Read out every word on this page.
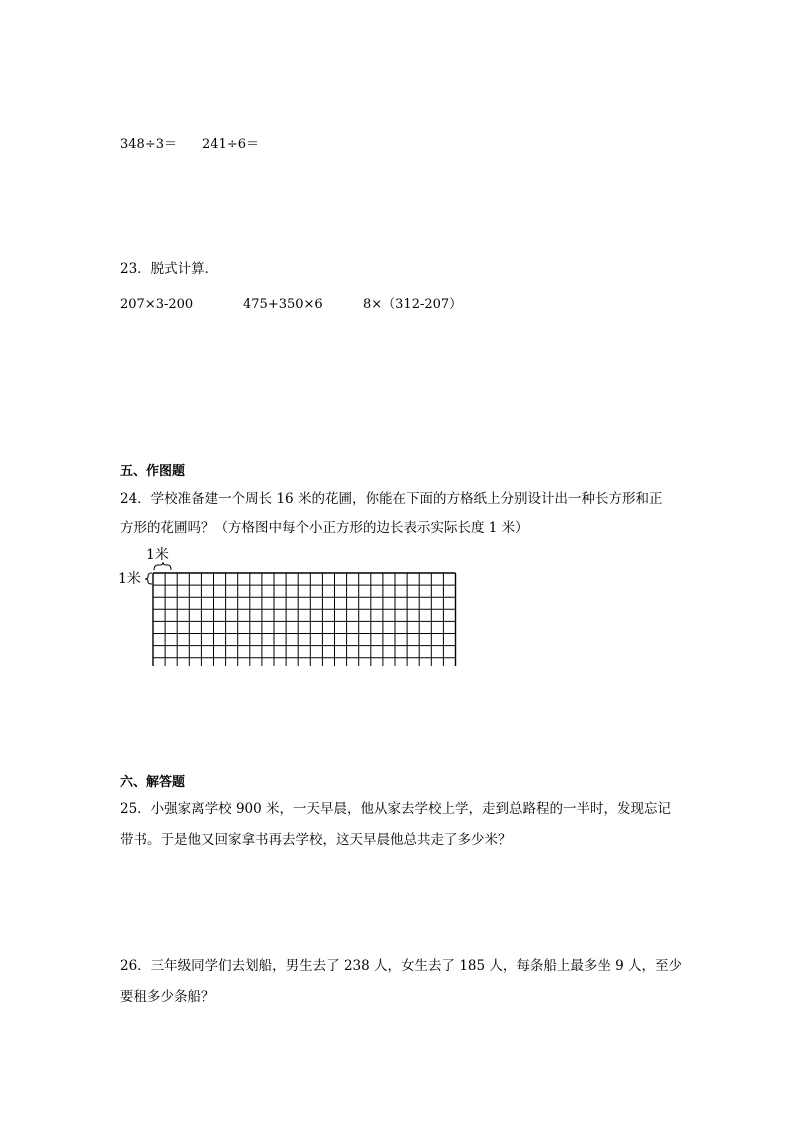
348÷3＝ 241÷6＝
23．脱式计算．
207×3-200	475+350×6	8×（312-207）
五、作图题
24．学校准备建一个周长 16 米的花圃，你能在下面的方格纸上分别设计出一种长方形和正
方形的花圃吗？（方格图中每个小正方形的边长表示实际长度 1 米）
1米
1米
六、解答题
25．小强家离学校 900 米，一天早晨，他从家去学校上学，走到总路程的一半时，发现忘记
带书。于是他又回家拿书再去学校，这天早晨他总共走了多少米？
26．三年级同学们去划船，男生去了 238 人，女生去了 185 人，每条船上最多坐 9 人，至少
要租多少条船？
